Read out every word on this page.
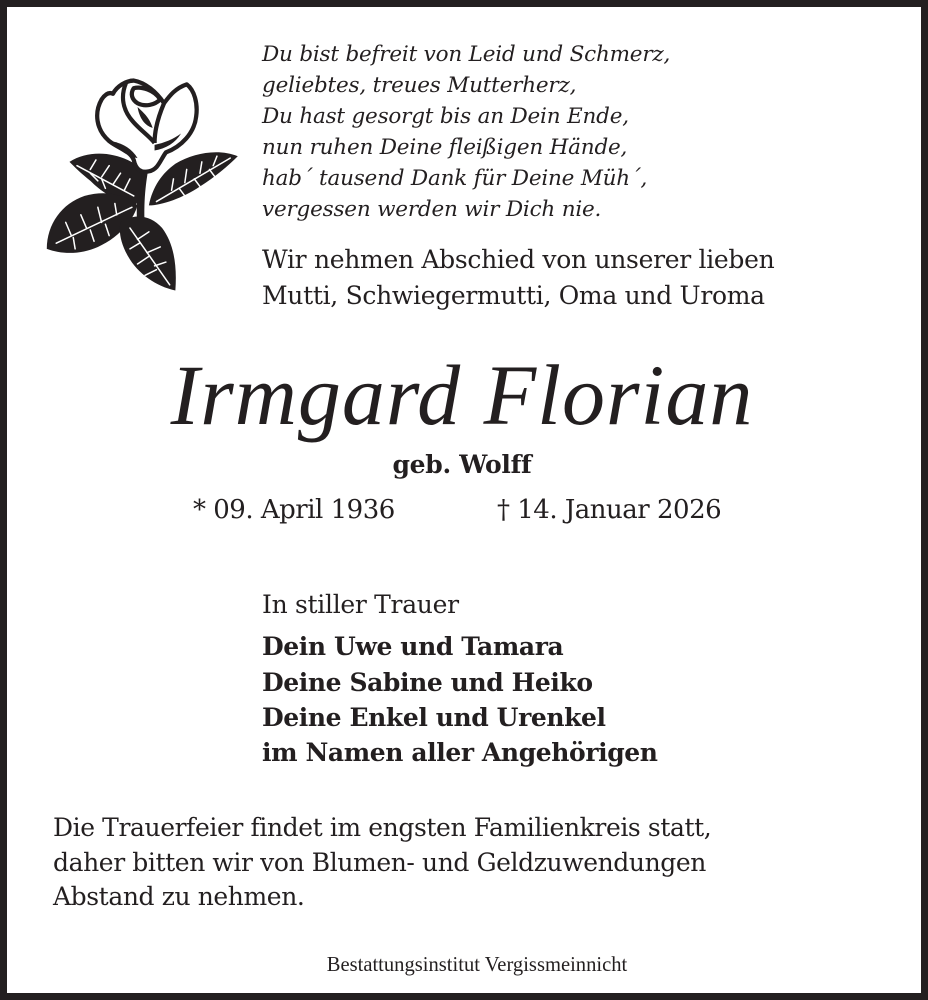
Du bist befreit von Leid und Schmerz,

geliebtes, treues Mutterherz,

Du hast gesorgt bis an Dein Ende,

nun ruhen Deine fleißigen Hände,

hab´ tausend Dank für Deine Müh´,

vergessen werden wir Dich nie.

Wir nehmen Abschied von unserer lieben

Mutti, Schwiegermutti, Oma und Uroma

Irmgard Florian

geb. Wolff

* 09. April 1936	† 14. Januar 2026

In stiller Trauer

Dein Uwe und Tamara

Deine Sabine und Heiko

Deine Enkel und Urenkel

im Namen aller Angehörigen

Die Trauerfeier findet im engsten Familienkreis statt,

daher bitten wir von Blumen- und Geldzuwendungen

Abstand zu nehmen.

Bestattungsinstitut Vergissmeinnicht
